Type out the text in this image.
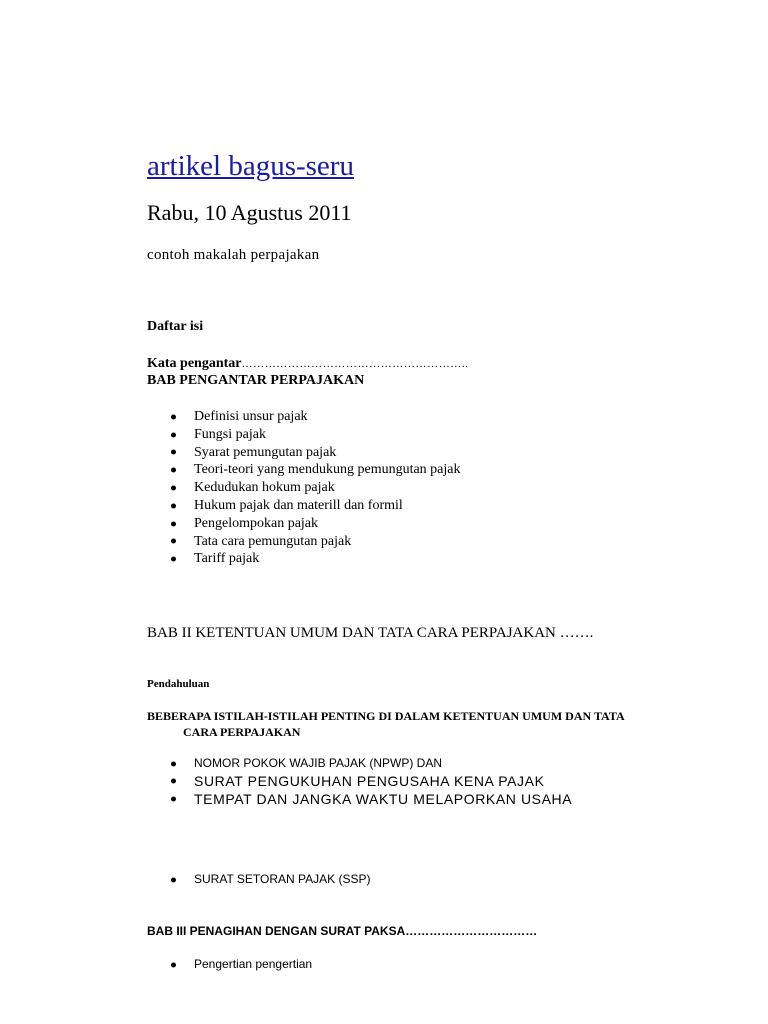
artikel bagus-seru
Rabu, 10 Agustus 2011
contoh makalah perpajakan
Daftar isi
Kata pengantar…………………………………………………..
BAB PENGANTAR PERPAJAKAN
Definisi unsur pajak
Fungsi pajak
Syarat pemungutan pajak
Teori-teori yang mendukung pemungutan pajak
Kedudukan hokum pajak
Hukum pajak dan materill dan formil
Pengelompokan pajak
Tata cara pemungutan pajak
Tariff pajak
BAB II KETENTUAN UMUM DAN TATA CARA PERPAJAKAN …….
Pendahuluan
BEBERAPA ISTILAH-ISTILAH PENTING DI DALAM KETENTUAN UMUM DAN TATA
CARA PERPAJAKAN
NOMOR POKOK WAJIB PAJAK (NPWP) DAN
SURAT PENGUKUHAN PENGUSAHA KENA PAJAK
TEMPAT DAN JANGKA WAKTU MELAPORKAN USAHA
SURAT SETORAN PAJAK (SSP)
BAB III PENAGIHAN DENGAN SURAT PAKSA……………………………
Pengertian pengertian
